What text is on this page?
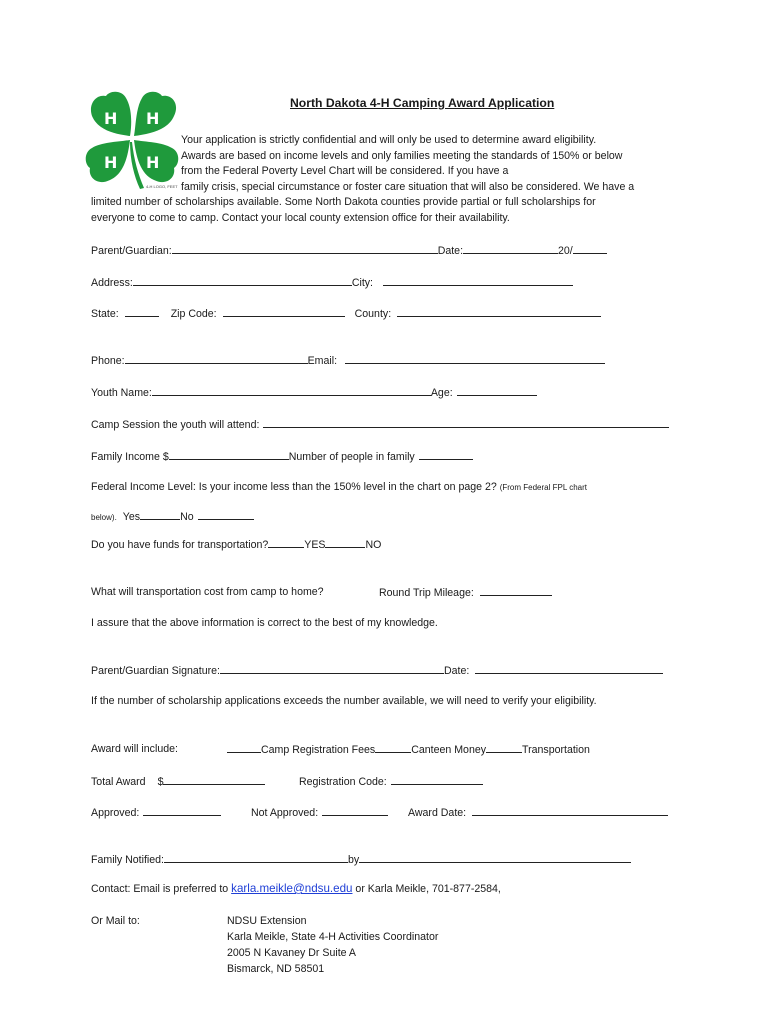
H H
H H
4-H LOGO, FEET
North Dakota 4-H Camping Award Application
Your application is strictly confidential and will only be used to determine award eligibility.
Awards are based on income levels and only families meeting the standards of 150% or below
from the Federal Poverty Level Chart will be considered. If you have a
family crisis, special circumstance or foster care situation that will also be considered. We have a
limited number of scholarships available. Some North Dakota counties provide partial or full scholarships for
everyone to come to camp. Contact your local county extension office for their availability.
Parent/Guardian:	Date:	20/
Address:	City:
State:	Zip Code:	County:
Phone:	Email:
Youth Name:	Age:
Camp Session the youth will attend:
Family Income $	Number of people in family
Federal Income Level: Is your income less than the 150% level in the chart on page 2? (From Federal FPL chart
below). Yes	No
Do you have funds for transportation?	YES	NO
What will transportation cost from camp to home?	Round Trip Mileage:
I assure that the above information is correct to the best of my knowledge.
Parent/Guardian Signature:	Date:
If the number of scholarship applications exceeds the number available, we will need to verify your eligibility.
Award will include:	Camp Registration Fees	Canteen Money	Transportation
Total Award $	Registration Code:
Approved:	Not Approved:	Award Date:
Family Notified:	by
Contact: Email is preferred to karla.meikle@ndsu.edu or Karla Meikle, 701-877-2584,
Or Mail to:	NDSU Extension
Karla Meikle, State 4-H Activities Coordinator
2005 N Kavaney Dr Suite A
Bismarck, ND 58501
